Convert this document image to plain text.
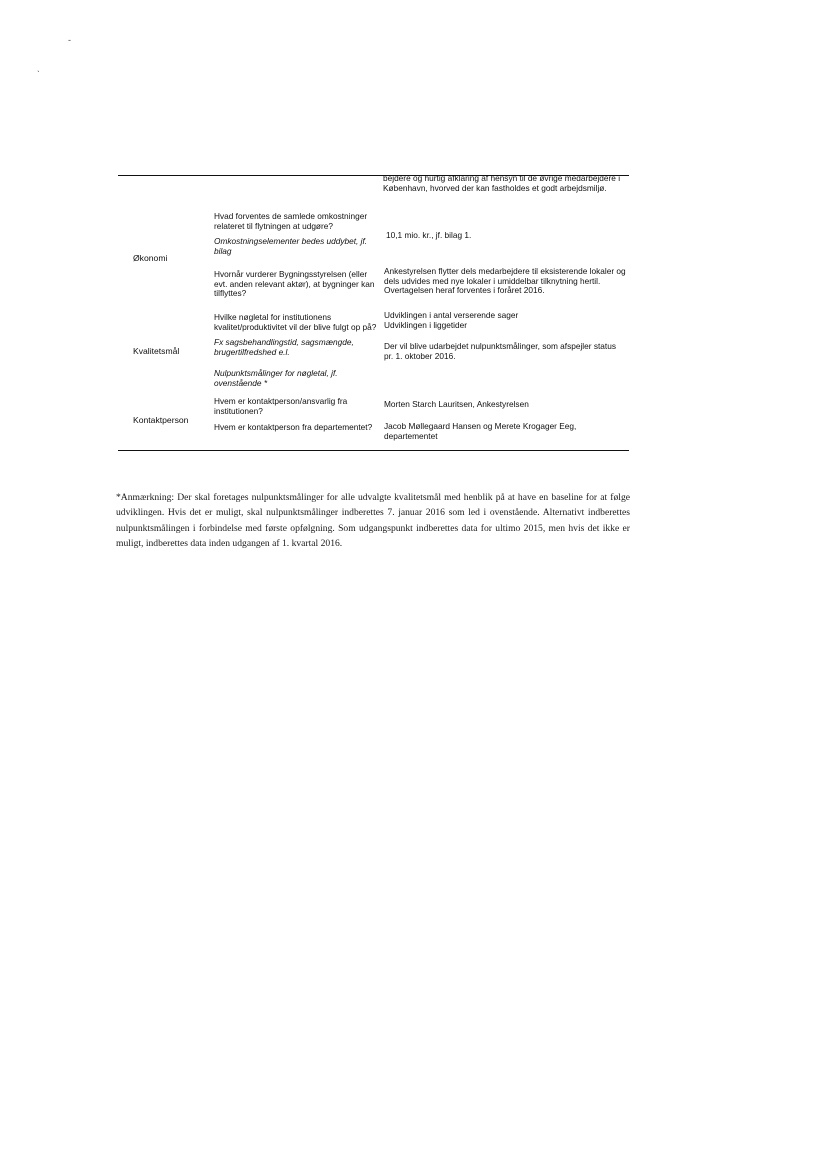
-
ˎ
bejdere og hurtig afklaring af hensyn til de øvrige medarbejdere i København, hvorved der kan fastholdes et godt arbejdsmiljø.
Økonomi
Hvad forventes de samlede omkostninger relateret til flytningen at udgøre?
Omkostningselementer bedes uddybet, jf. bilag
10,1 mio. kr., jf. bilag 1.
Hvornår vurderer Bygningsstyrelsen (eller evt. anden relevant aktør), at bygninger kan tilflyttes?
Ankestyrelsen flytter dels medarbejdere til eksisterende lokaler og dels udvides med nye lokaler i umiddelbar tilknytning hertil. Overtagelsen heraf forventes i foråret 2016.
Kvalitetsmål
Hvilke nøgletal for institutionens kvalitet/produktivitet vil der blive fulgt op på?
Udviklingen i antal verserende sager Udviklingen i liggetider
Fx sagsbehandlingstid, sagsmængde, brugertilfredshed e.l.
Der vil blive udarbejdet nulpunktsmålinger, som afspejler status pr. 1. oktober 2016.
Nulpunktsmålinger for nøgletal, jf. ovenstående *
Kontaktperson
Hvem er kontaktperson/ansvarlig fra institutionen?
Morten Starch Lauritsen, Ankestyrelsen
Hvem er kontaktperson fra departementet?	Jacob Møllegaard Hansen og Merete Krogager Eeg, departementet

*Anmærkning: Der skal foretages nulpunktsmålinger for alle udvalgte kvalitetsmål med henblik på at have en baseline for at følge udviklingen. Hvis det er muligt, skal nulpunktsmålinger indberettes 7. januar 2016 som led i ovenstående. Alternativt indberettes nulpunktsmålingen i forbindelse med første opfølgning. Som udgangspunkt indberettes data for ultimo 2015, men hvis det ikke er muligt, indberettes data inden udgangen af 1. kvartal 2016.
